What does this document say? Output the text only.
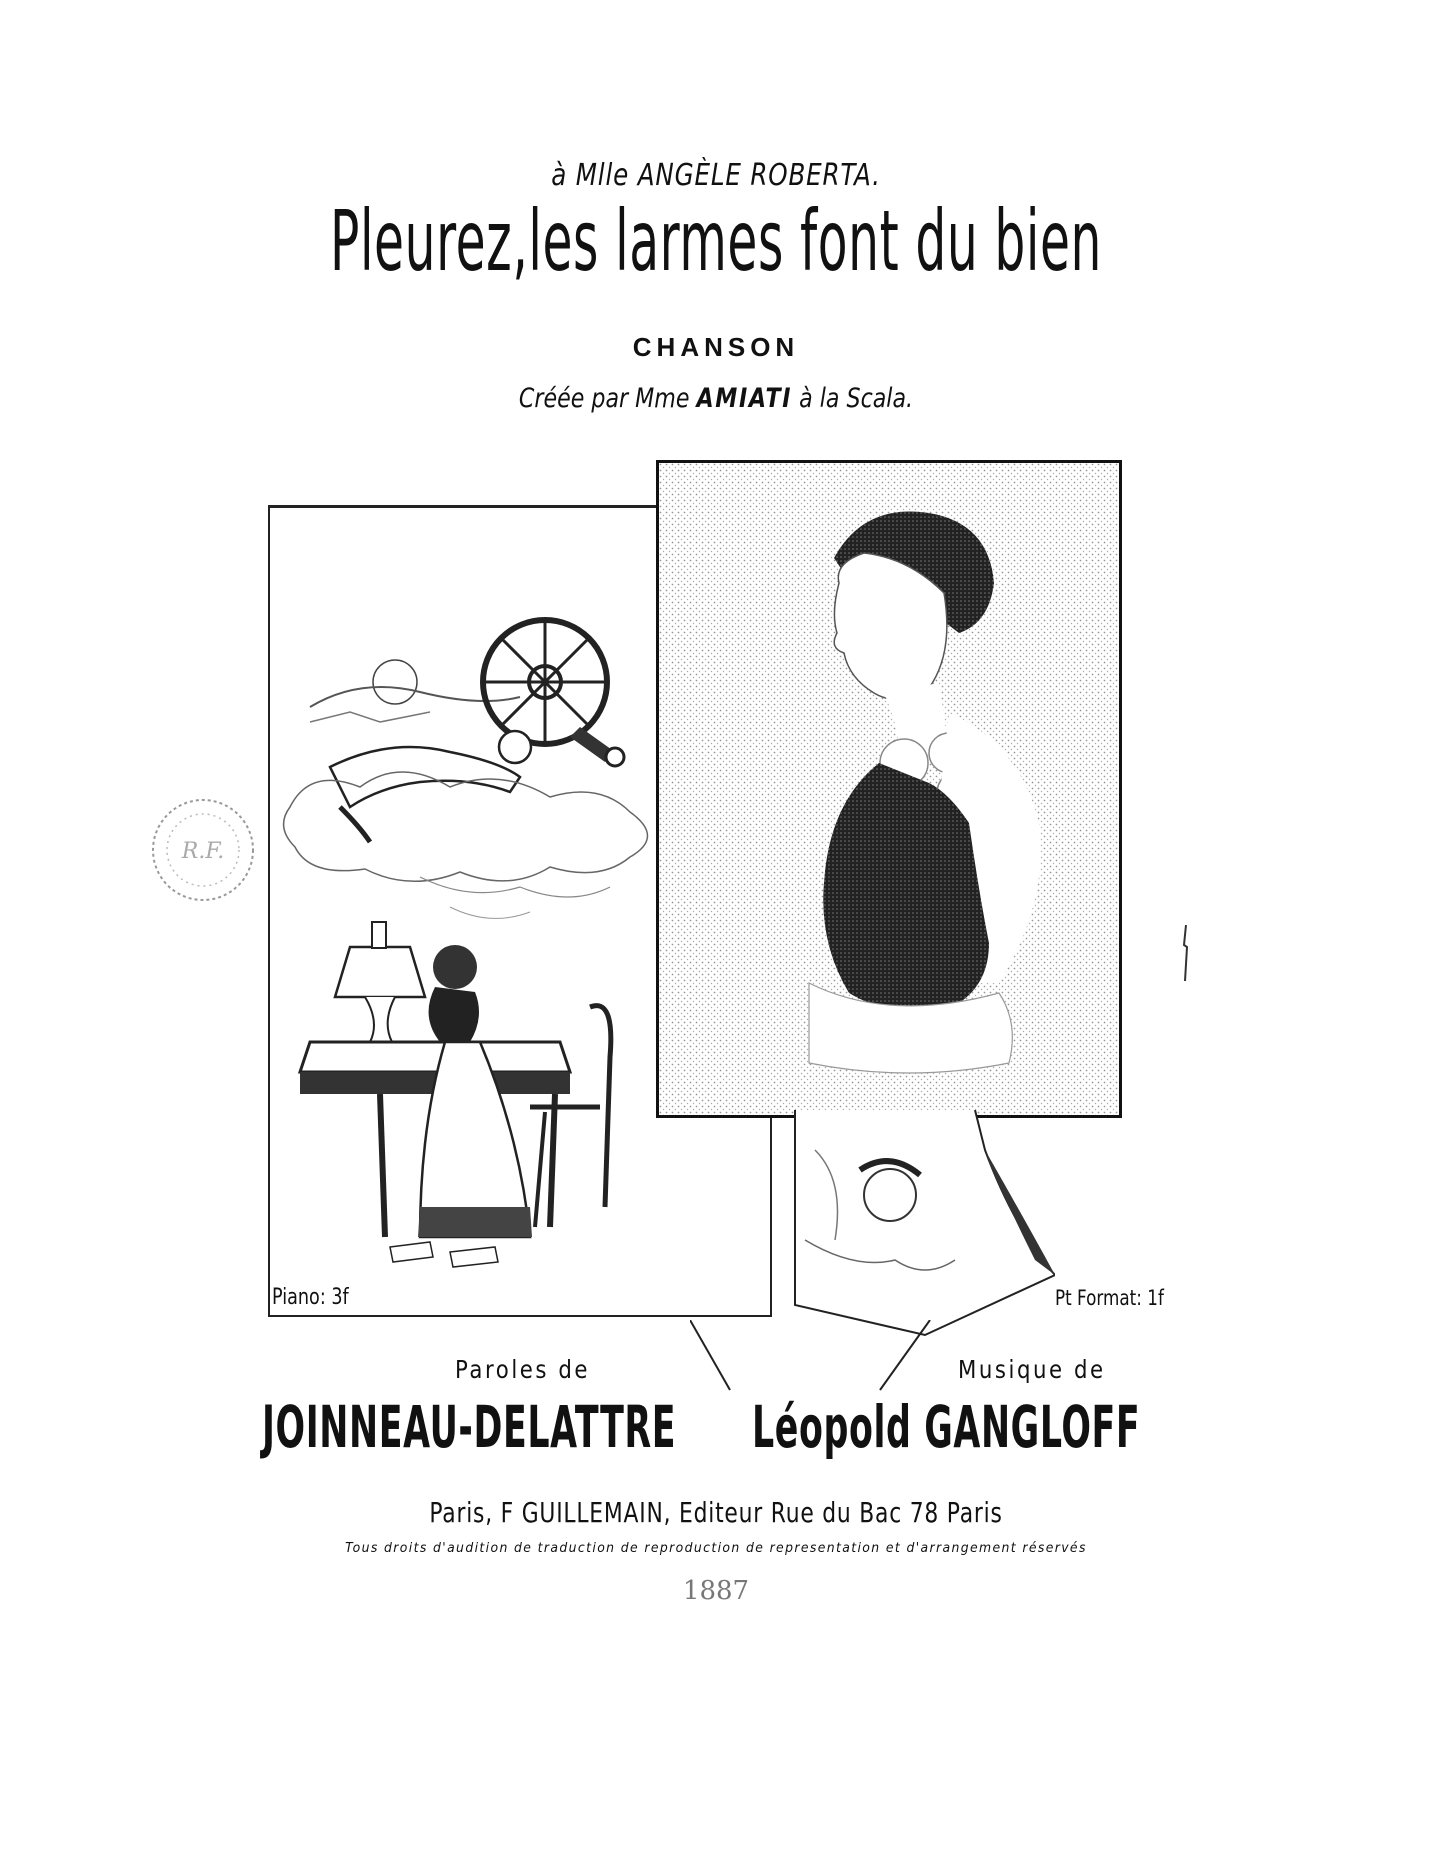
à Mlle ANGÈLE ROBERTA.
Pleurez,les larmes font du bien
CHANSON
Créée par Mme AMIATI à la Scala.
R.F.
Piano: 3f	Pt Format: 1f
Paroles de	Musique de
JOINNEAU-DELATTRE Léopold GANGLOFF
Paris, F GUILLEMAIN, Editeur Rue du Bac 78 Paris
Tous droits d'audition de traduction de reproduction de representation et d'arrangement réservés
1887
